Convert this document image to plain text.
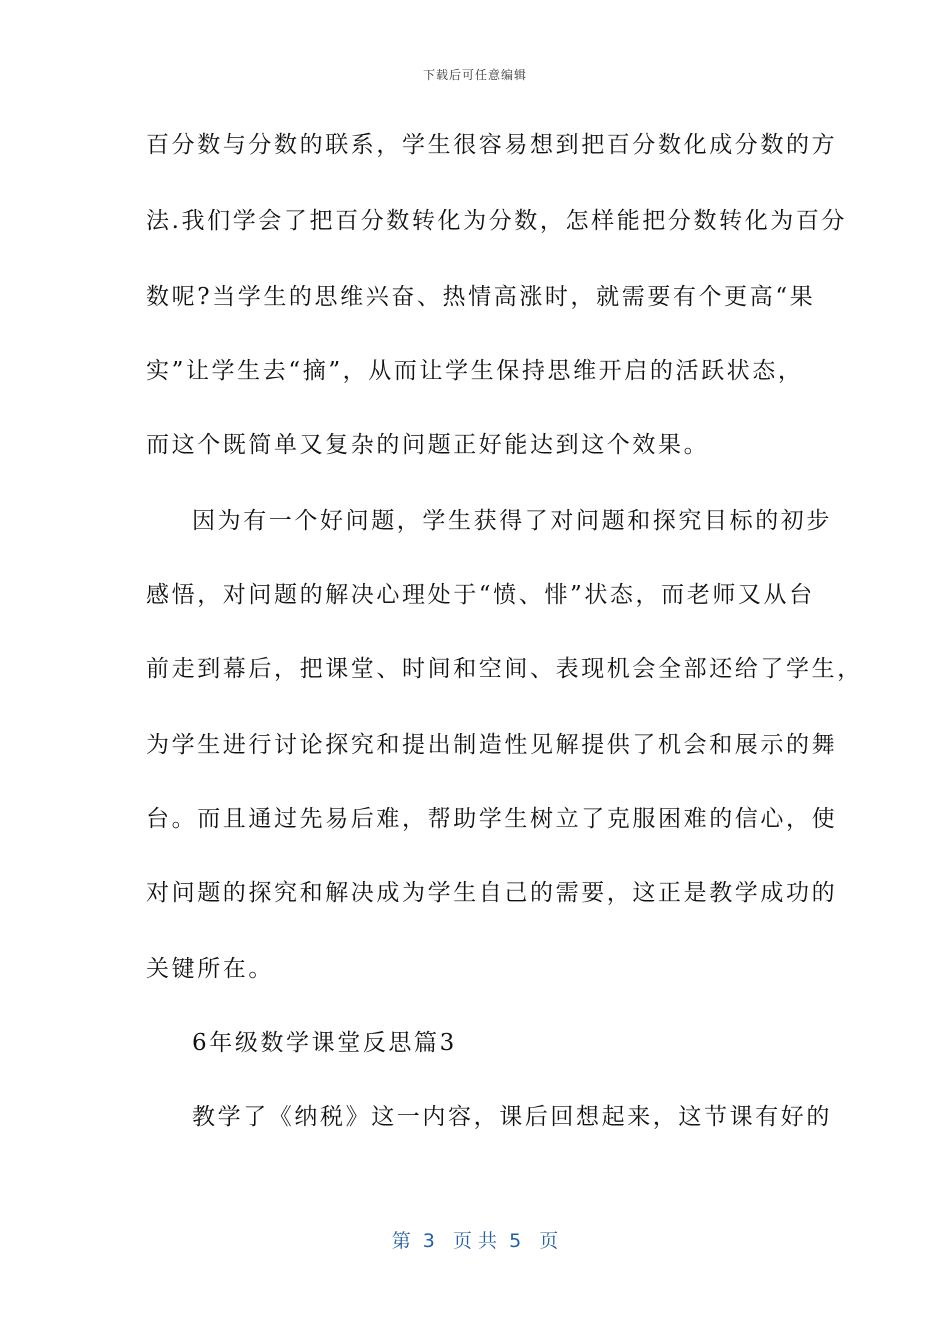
下载后可任意编辑
百分数与分数的联系，学生很容易想到把百分数化成分数的方
法.我们学会了把百分数转化为分数，怎样能把分数转化为百分
数呢?当学生的思维兴奋、热情高涨时，就需要有个更高“果
实”让学生去“摘”，从而让学生保持思维开启的活跃状态，
而这个既简单又复杂的问题正好能达到这个效果。
因为有一个好问题，学生获得了对问题和探究目标的初步
感悟，对问题的解决心理处于“愤、悱”状态，而老师又从台
前走到幕后，把课堂、时间和空间、表现机会全部还给了学生，
为学生进行讨论探究和提出制造性见解提供了机会和展示的舞
台。而且通过先易后难，帮助学生树立了克服困难的信心，使
对问题的探究和解决成为学生自己的需要，这正是教学成功的
关键所在。
6年级数学课堂反思篇3
教学了《纳税》这一内容，课后回想起来，这节课有好的
第  3   页 共  5   页
